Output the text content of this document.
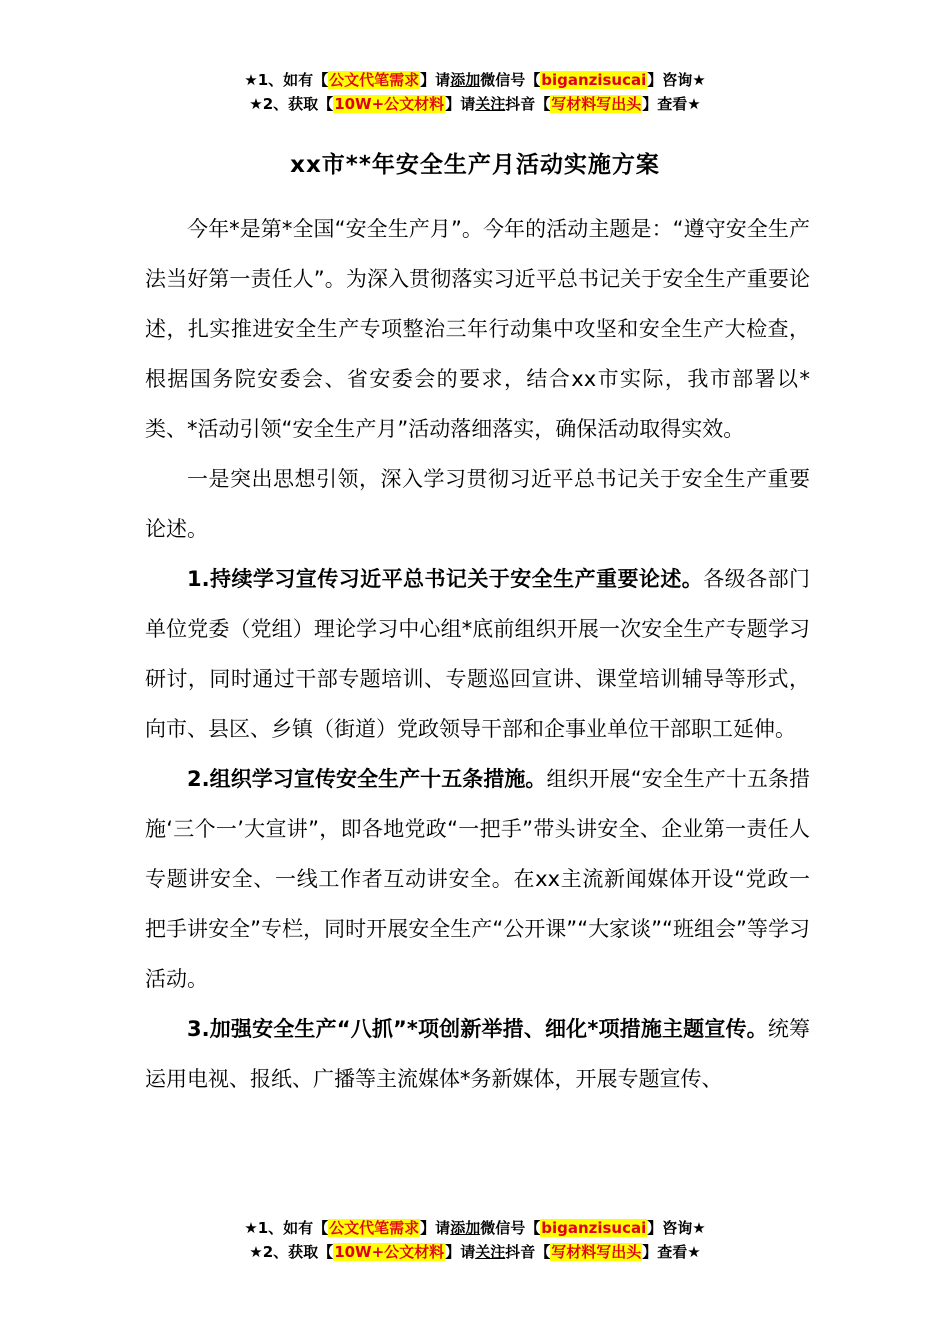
★1、如有【公文代笔需求】请添加微信号【biganzisucai】咨询★
★2、获取【10W+公文材料】请关注抖音【写材料写出头】查看★
xx市**年安全生产月活动实施方案

今年*是第*全国“安全生产月”。今年的活动主题是：“遵守安全生产法当好第一责任人”。为深入贯彻落实习近平总书记关于安全生产重要论述，扎实推进安全生产专项整治三年行动集中攻坚和安全生产大检查，根据国务院安委会、省安委会的要求，结合xx市实际，我市部署以*类、*活动引领“安全生产月”活动落细落实，确保活动取得实效。

一是突出思想引领，深入学习贯彻习近平总书记关于安全生产重要论述。

1.持续学习宣传习近平总书记关于安全生产重要论述。各级各部门单位党委（党组）理论学习中心组*底前组织开展一次安全生产专题学习研讨，同时通过干部专题培训、专题巡回宣讲、课堂培训辅导等形式，向市、县区、乡镇（街道）党政领导干部和企事业单位干部职工延伸。

2.组织学习宣传安全生产十五条措施。组织开展“安全生产十五条措施‘三个一’大宣讲”，即各地党政“一把手”带头讲安全、企业第一责任人专题讲安全、一线工作者互动讲安全。在xx主流新闻媒体开设“党政一把手讲安全”专栏，同时开展安全生产“公开课”“大家谈”“班组会”等学习活动。

3.加强安全生产“八抓”*项创新举措、细化*项措施主题宣传。统筹运用电视、报纸、广播等主流媒体*务新媒体，开展专题宣传、

★1、如有【公文代笔需求】请添加微信号【biganzisucai】咨询★
★2、获取【10W+公文材料】请关注抖音【写材料写出头】查看★
